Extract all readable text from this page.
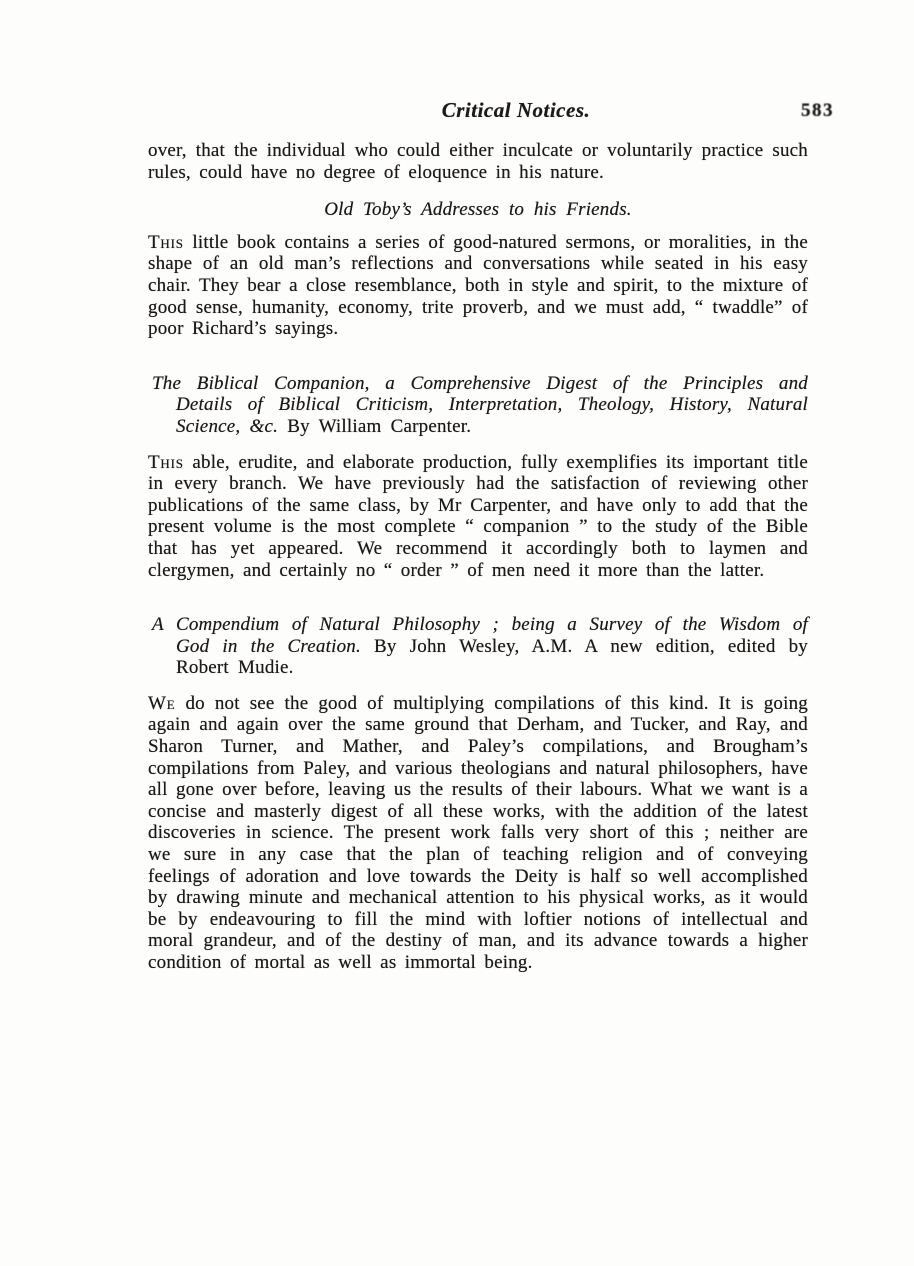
Critical Notices.	583

over, that the individual who could either inculcate or voluntarily practice such rules, could have no degree of eloquence in his nature.

Old Toby’s Addresses to his Friends.

This little book contains a series of good-natured sermons, or moralities, in the shape of an old man’s reflections and conversations while seated in his easy chair. They bear a close resemblance, both in style and spirit, to the mixture of good sense, humanity, economy, trite proverb, and we must add, “ twaddle” of poor Richard’s sayings.

The Biblical Companion, a Comprehensive Digest of the Principles and Details of Biblical Criticism, Interpretation, Theology, History, Natural Science, &c. By William Carpenter.

This able, erudite, and elaborate production, fully exemplifies its important title in every branch. We have previously had the satisfaction of reviewing other publications of the same class, by Mr Carpenter, and have only to add that the present volume is the most complete “ companion ” to the study of the Bible that has yet appeared. We recommend it accordingly both to laymen and clergymen, and certainly no “ order ” of men need it more than the latter.

A Compendium of Natural Philosophy ; being a Survey of the Wisdom of God in the Creation. By John Wesley, A.M. A new edition, edited by Robert Mudie.

We do not see the good of multiplying compilations of this kind. It is going again and again over the same ground that Derham, and Tucker, and Ray, and Sharon Turner, and Mather, and Paley’s compilations, and Brougham’s compilations from Paley, and various theologians and natural philosophers, have all gone over before, leaving us the results of their labours. What we want is a concise and masterly digest of all these works, with the addition of the latest discoveries in science. The present work falls very short of this ; neither are we sure in any case that the plan of teaching religion and of conveying feelings of adoration and love towards the Deity is half so well accomplished by drawing minute and mechanical attention to his physical works, as it would be by endeavouring to fill the mind with loftier notions of intellectual and moral grandeur, and of the destiny of man, and its advance towards a higher condition of mortal as well as immortal being.
